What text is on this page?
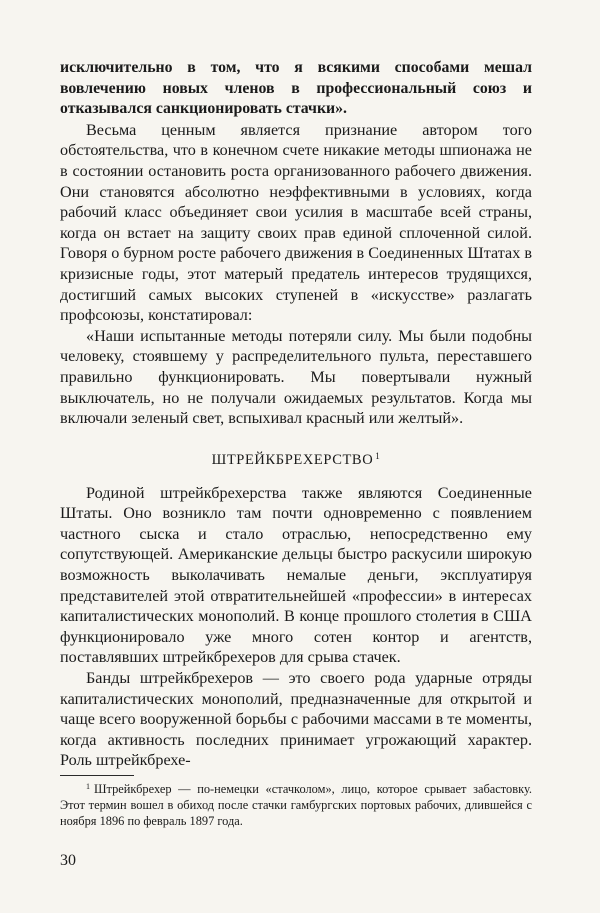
исключительно в том, что я всякими способами мешал вовлечению новых членов в профессиональный союз и отказывался санкционировать стачки».

Весьма ценным является признание автором того обстоятельства, что в конечном счете никакие методы шпионажа не в состоянии остановить роста организованного рабочего движения. Они становятся абсолютно неэффективными в условиях, когда рабочий класс объединяет свои усилия в масштабе всей страны, когда он встает на защиту своих прав единой сплоченной силой. Говоря о бурном росте рабочего движения в Соединенных Штатах в кризисные годы, этот матерый предатель интересов трудящихся, достигший самых высоких ступеней в «искусстве» разлагать профсоюзы, констатировал:

«Наши испытанные методы потеряли силу. Мы были подобны человеку, стоявшему у распределительного пульта, переставшего правильно функционировать. Мы повертывали нужный выключатель, но не получали ожидаемых результатов. Когда мы включали зеленый свет, вспыхивал красный или желтый».

ШТРЕЙКБРЕХЕРСТВО $^1$

Родиной штрейкбрехерства также являются Соединенные Штаты. Оно возникло там почти одновременно с появлением частного сыска и стало отраслью, непосредственно ему сопутствующей. Американские дельцы быстро раскусили широкую возможность выколачивать немалые деньги, эксплуатируя представителей этой отвратительнейшей «профессии» в интересах капиталистических монополий. В конце прошлого столетия в США функционировало уже много сотен контор и агентств, поставлявших штрейкбрехеров для срыва стачек.

Банды штрейкбрехеров — это своего рода ударные отряды капиталистических монополий, предназначенные для открытой и чаще всего вооруженной борьбы с рабочими массами в те моменты, когда активность последних принимает угрожающий характер. Роль штрейкбрехе-

$^1$ Штрейкбрехер — по-немецки «стачколом», лицо, которое срывает забастовку. Этот термин вошел в обиход после стачки гамбургских портовых рабочих, длившейся с ноября 1896 по февраль 1897 года.

30
